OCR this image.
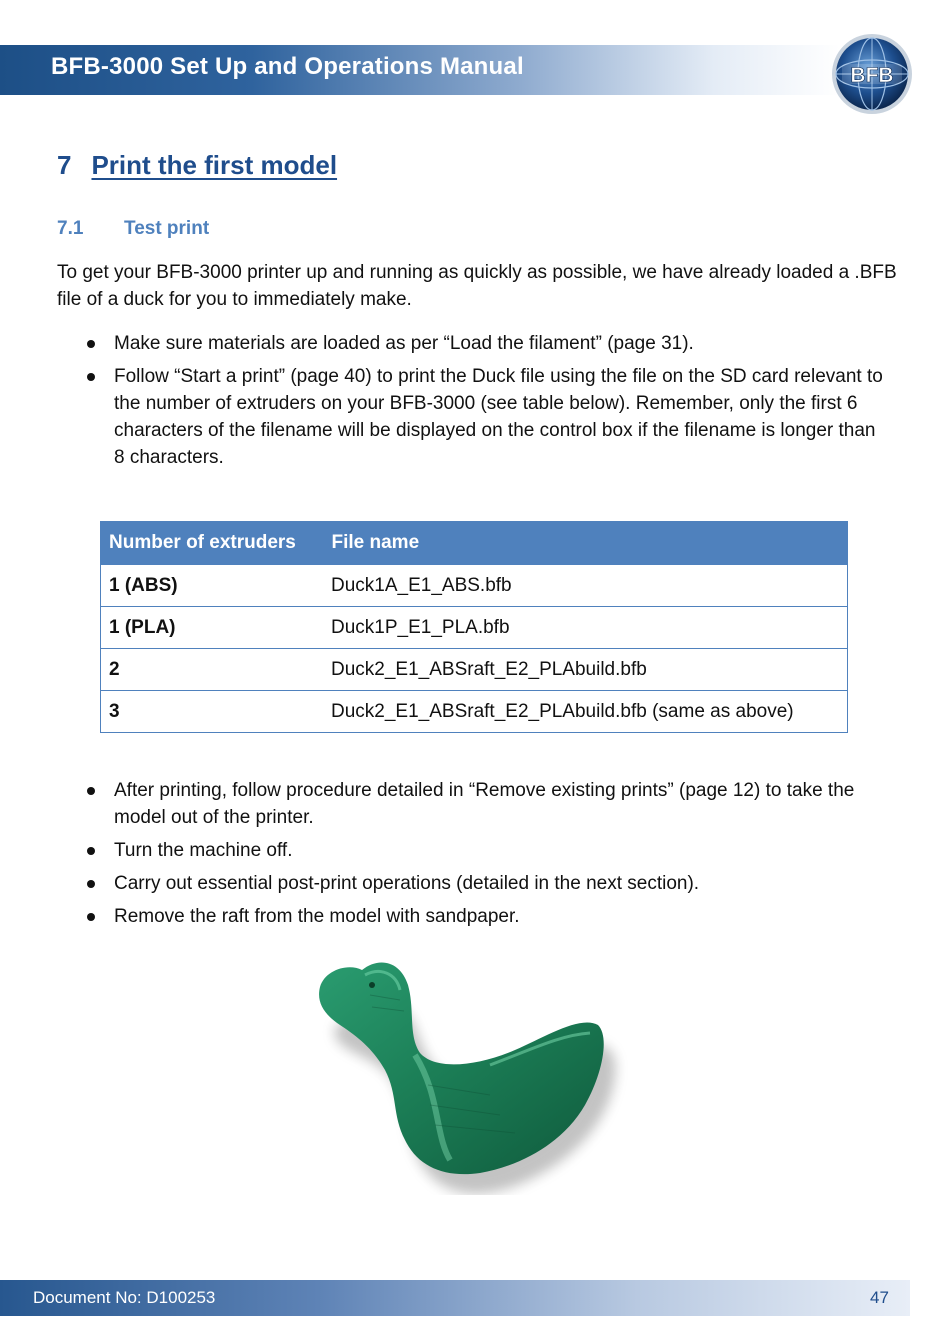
BFB-3000 Set Up and Operations Manual	BFB
7 Print the first model
7.1 Test print
To get your BFB-3000 printer up and running as quickly as possible, we have already loaded a .BFB file of a duck for you to immediately make.
Make sure materials are loaded as per “Load the filament” (page 31).
Follow “Start a print” (page 40) to print the Duck file using the file on the SD card relevant to the number of extruders on your BFB-3000 (see table below). Remember, only the first 6 characters of the filename will be displayed on the control box if the filename is longer than 8 characters.
Number of extruders	File name
1 (ABS)	Duck1A_E1_ABS.bfb
1 (PLA)	Duck1P_E1_PLA.bfb
2	Duck2_E1_ABSraft_E2_PLAbuild.bfb
3	Duck2_E1_ABSraft_E2_PLAbuild.bfb (same as above)
After printing, follow procedure detailed in “Remove existing prints” (page 12) to take the model out of the printer.
Turn the machine off.
Carry out essential post-print operations (detailed in the next section).
Remove the raft from the model with sandpaper.
Document No: D100253	47
